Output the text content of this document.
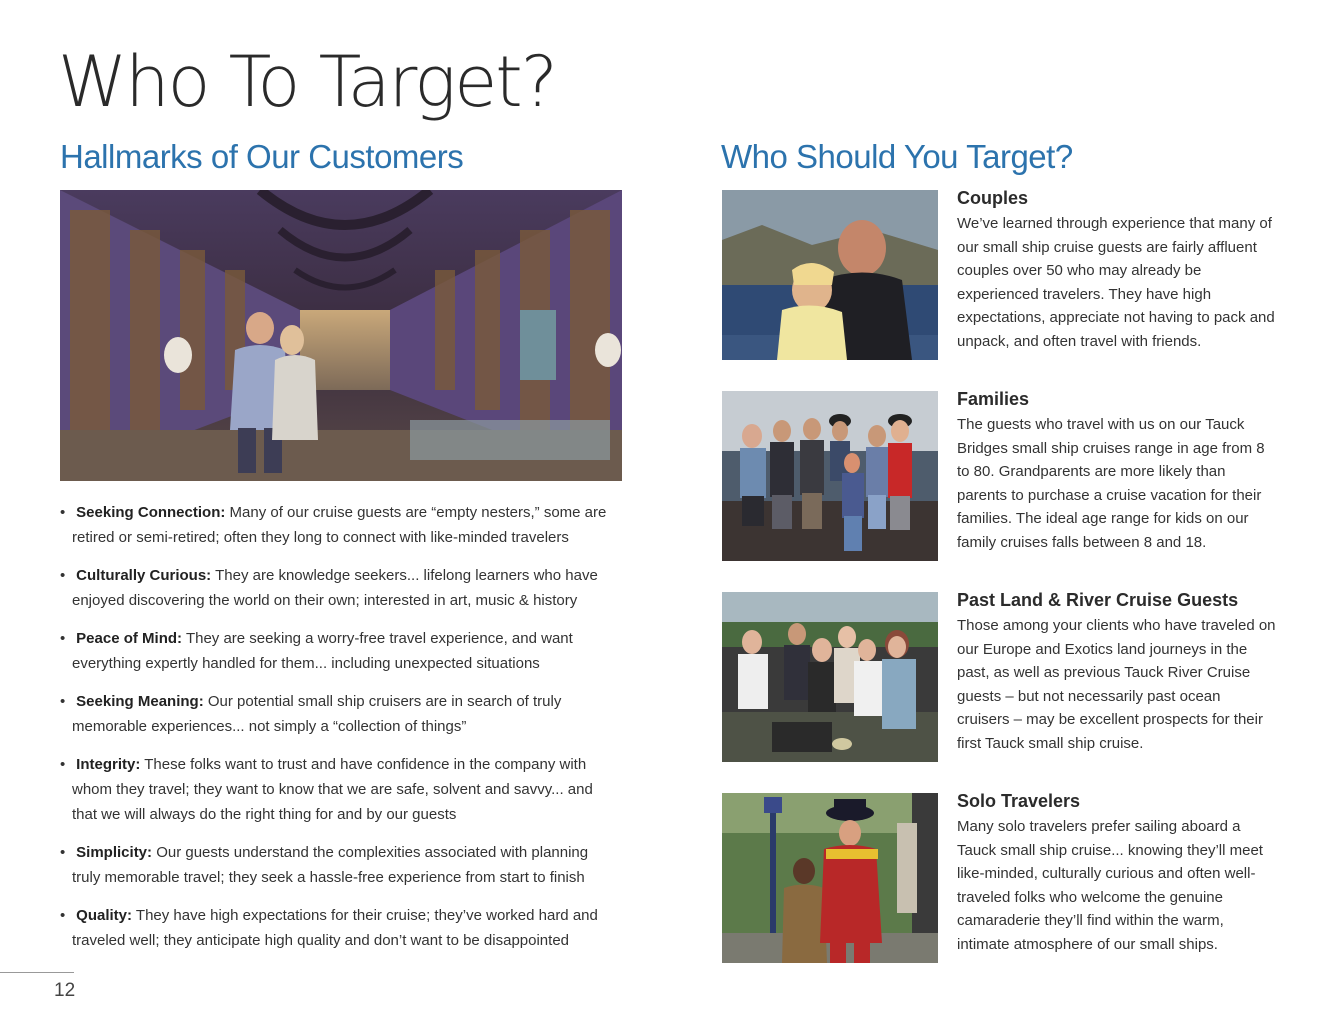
Who To Target?
Hallmarks of Our Customers	Who Should You Target?
• Seeking Connection: Many of our cruise guests are “empty nesters,” some are retired or semi-retired; often they long to connect with like-minded travelers
• Culturally Curious: They are knowledge seekers... lifelong learners who have enjoyed discovering the world on their own; interested in art, music & history
• Peace of Mind: They are seeking a worry-free travel experience, and want everything expertly handled for them... including unexpected situations
• Seeking Meaning: Our potential small ship cruisers are in search of truly memorable experiences... not simply a “collection of things”
• Integrity: These folks want to trust and have confidence in the company with whom they travel; they want to know that we are safe, solvent and savvy... and that we will always do the right thing for and by our guests
• Simplicity: Our guests understand the complexities associated with planning truly memorable travel; they seek a hassle-free experience from start to finish
• Quality: They have high expectations for their cruise; they’ve worked hard and traveled well; they anticipate high quality and don’t want to be disappointed
Couples

We’ve learned through experience that many of our small ship cruise guests are fairly affluent couples over 50 who may already be experienced travelers. They have high expectations, appreciate not having to pack and unpack, and often travel with friends.

Families

The guests who travel with us on our Tauck Bridges small ship cruises range in age from 8 to 80. Grandparents are more likely than parents to purchase a cruise vacation for their families. The ideal age range for kids on our family cruises falls between 8 and 18.

Past Land & River Cruise Guests

Those among your clients who have traveled on our Europe and Exotics land journeys in the past, as well as previous Tauck River Cruise guests – but not necessarily past ocean cruisers – may be excellent prospects for their first Tauck small ship cruise.

Solo Travelers

Many solo travelers prefer sailing aboard a Tauck small ship cruise... knowing they’ll meet like-minded, culturally curious and often well-traveled folks who welcome the genuine camaraderie they’ll find within the warm, intimate atmosphere of our small ships.

12
